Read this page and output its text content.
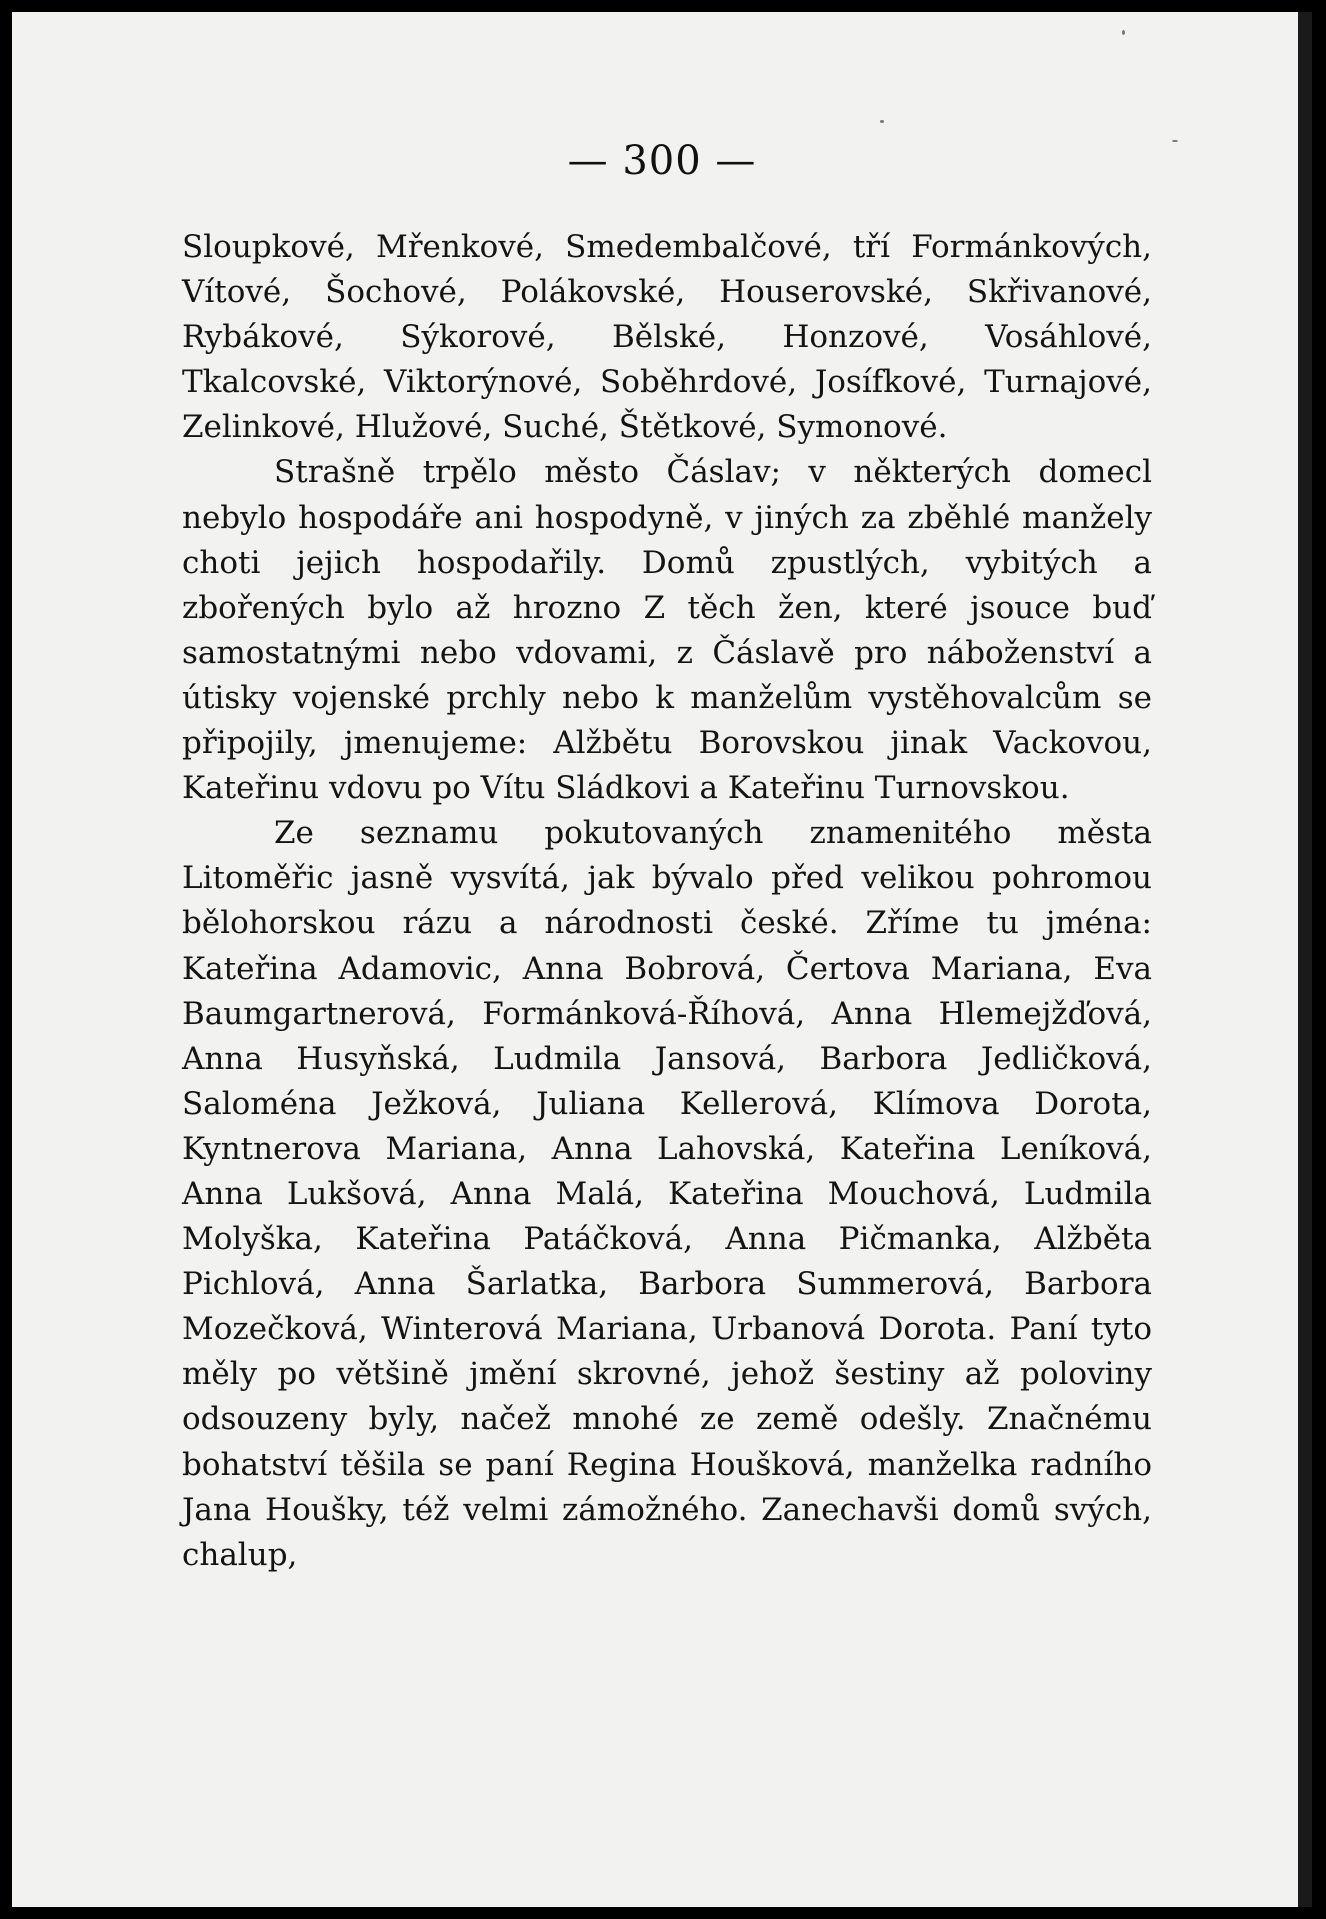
— 300 —

Sloupkové, Mřenkové, Smedembalčové, tří Formánkových, Vítové, Šochové, Polákovské, Houserovské, Skřivanové, Rybákové, Sýkorové, Bělské, Honzové, Vosáhlové, Tkalcovské, Viktorýnové, Soběhrdové, Josífkové, Turnajové, Zelinkové, Hlužové, Suché, Štětkové, Symonové.

Strašně trpělo město Čáslav; v některých domecl nebylo hospodáře ani hospodyně, v jiných za zběhlé manžely choti jejich hospodařily. Domů zpustlých, vybitých a zbořených bylo až hrozno Z těch žen, které jsouce buď samostatnými nebo vdovami, z Čáslavě pro náboženství a útisky vojenské prchly nebo k manželům vystěhovalcům se připojily, jmenujeme: Alžbětu Borovskou jinak Vackovou, Kateřinu vdovu po Vítu Sládkovi a Kateřinu Turnovskou.

Ze seznamu pokutovaných znamenitého města Litoměřic jasně vysvítá, jak bývalo před velikou pohromou bělohorskou rázu a národnosti české. Zříme tu jména: Kateřina Adamovic, Anna Bobrová, Čertova Mariana, Eva Baumgartnerová, Formánková-Říhová, Anna Hlemejžďová, Anna Husyňská, Ludmila Jansová, Barbora Jedličková, Saloména Ježková, Juliana Kellerová, Klímova Dorota, Kyntnerova Mariana, Anna Lahovská, Kateřina Leníková, Anna Lukšová, Anna Malá, Kateřina Mouchová, Ludmila Molyška, Kateřina Patáčková, Anna Pičmanka, Alžběta Pichlová, Anna Šarlatka, Barbora Summerová, Barbora Mozečková, Winterová Mariana, Urbanová Dorota. Paní tyto měly po většině jmění skrovné, jehož šestiny až poloviny odsouzeny byly, načež mnohé ze země odešly. Značnému bohatství těšila se paní Regina Houšková, manželka radního Jana Houšky, též velmi zámožného. Zanechavši domů svých, chalup,
